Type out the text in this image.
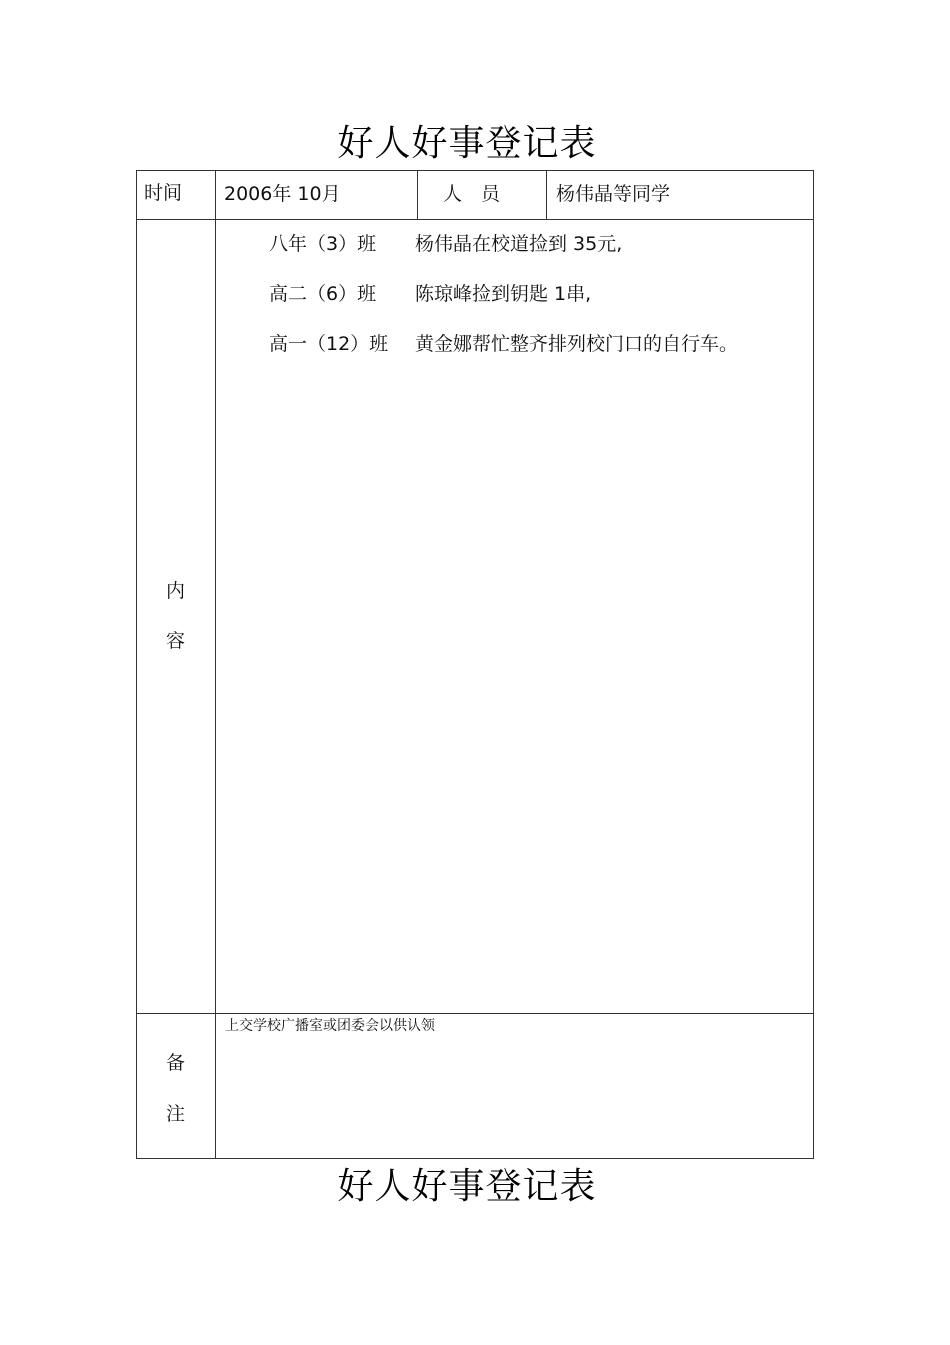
好人好事登记表
时间 2006年 10月	人　员	杨伟晶等同学
内
容
八年（3）班 杨伟晶在校道捡到 35元,
高二（6）班 陈琼峰捡到钥匙 1串,
高一（12）班 黄金娜帮忙整齐排列校门口的自行车。
备
注
上交学校广播室或团委会以供认领
好人好事登记表
